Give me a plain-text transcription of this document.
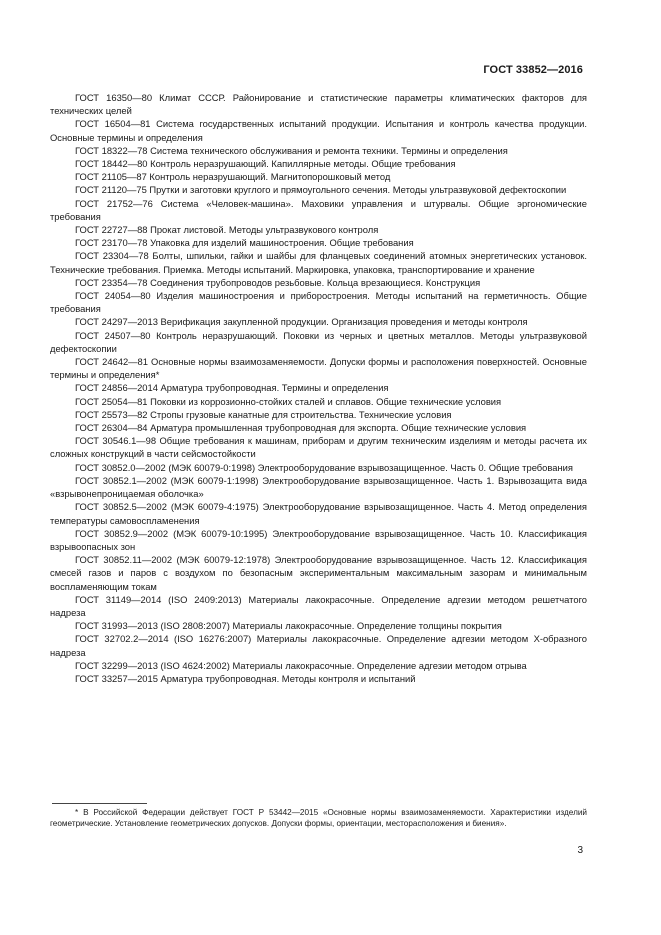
ГОСТ 33852—2016

ГОСТ 16350—80 Климат СССР. Районирование и статистические параметры климатических факторов для технических целей

ГОСТ 16504—81 Система государственных испытаний продукции. Испытания и контроль качества продукции. Основные термины и определения

ГОСТ 18322—78 Система технического обслуживания и ремонта техники. Термины и определения

ГОСТ 18442—80 Контроль неразрушающий. Капиллярные методы. Общие требования

ГОСТ 21105—87 Контроль неразрушающий. Магнитопорошковый метод

ГОСТ 21120—75 Прутки и заготовки круглого и прямоугольного сечения. Методы ультразвуковой дефектоскопии

ГОСТ 21752—76 Система «Человек-машина». Маховики управления и штурвалы. Общие эргономические требования

ГОСТ 22727—88 Прокат листовой. Методы ультразвукового контроля

ГОСТ 23170—78 Упаковка для изделий машиностроения. Общие требования

ГОСТ 23304—78 Болты, шпильки, гайки и шайбы для фланцевых соединений атомных энергетических установок. Технические требования. Приемка. Методы испытаний. Маркировка, упаковка, транспортирование и хранение

ГОСТ 23354—78 Соединения трубопроводов резьбовые. Кольца врезающиеся. Конструкция

ГОСТ 24054—80 Изделия машиностроения и приборостроения. Методы испытаний на герметичность. Общие требования

ГОСТ 24297—2013 Верификация закупленной продукции. Организация проведения и методы контроля

ГОСТ 24507—80 Контроль неразрушающий. Поковки из черных и цветных металлов. Методы ультразвуковой дефектоскопии

ГОСТ 24642—81 Основные нормы взаимозаменяемости. Допуски формы и расположения поверхностей. Основные термины и определения*

ГОСТ 24856—2014 Арматура трубопроводная. Термины и определения

ГОСТ 25054—81 Поковки из коррозионно-стойких сталей и сплавов. Общие технические условия

ГОСТ 25573—82 Стропы грузовые канатные для строительства. Технические условия

ГОСТ 26304—84 Арматура промышленная трубопроводная для экспорта. Общие технические условия

ГОСТ 30546.1—98 Общие требования к машинам, приборам и другим техническим изделиям и методы расчета их сложных конструкций в части сейсмостойкости

ГОСТ 30852.0—2002 (МЭК 60079-0:1998) Электрооборудование взрывозащищенное. Часть 0. Общие требования

ГОСТ 30852.1—2002 (МЭК 60079-1:1998) Электрооборудование взрывозащищенное. Часть 1. Взрывозащита вида «взрывонепроницаемая оболочка»

ГОСТ 30852.5—2002 (МЭК 60079-4:1975) Электрооборудование взрывозащищенное. Часть 4. Метод определения температуры самовоспламенения

ГОСТ 30852.9—2002 (МЭК 60079-10:1995) Электрооборудование взрывозащищенное. Часть 10. Классификация взрывоопасных зон

ГОСТ 30852.11—2002 (МЭК 60079-12:1978) Электрооборудование взрывозащищенное. Часть 12. Классификация смесей газов и паров с воздухом по безопасным экспериментальным максимальным зазорам и минимальным воспламеняющим токам

ГОСТ 31149—2014 (ISO 2409:2013) Материалы лакокрасочные. Определение адгезии методом решетчатого надреза

ГОСТ 31993—2013 (ISO 2808:2007) Материалы лакокрасочные. Определение толщины покрытия

ГОСТ 32702.2—2014 (ISO 16276:2007) Материалы лакокрасочные. Определение адгезии методом Х-образного надреза

ГОСТ 32299—2013 (ISO 4624:2002) Материалы лакокрасочные. Определение адгезии методом отрыва

ГОСТ 33257—2015 Арматура трубопроводная. Методы контроля и испытаний

* В Российской Федерации действует ГОСТ Р 53442—2015 «Основные нормы взаимозаменяемости. Характеристики изделий геометрические. Установление геометрических допусков. Допуски формы, ориентации, месторасположения и биения».

3
